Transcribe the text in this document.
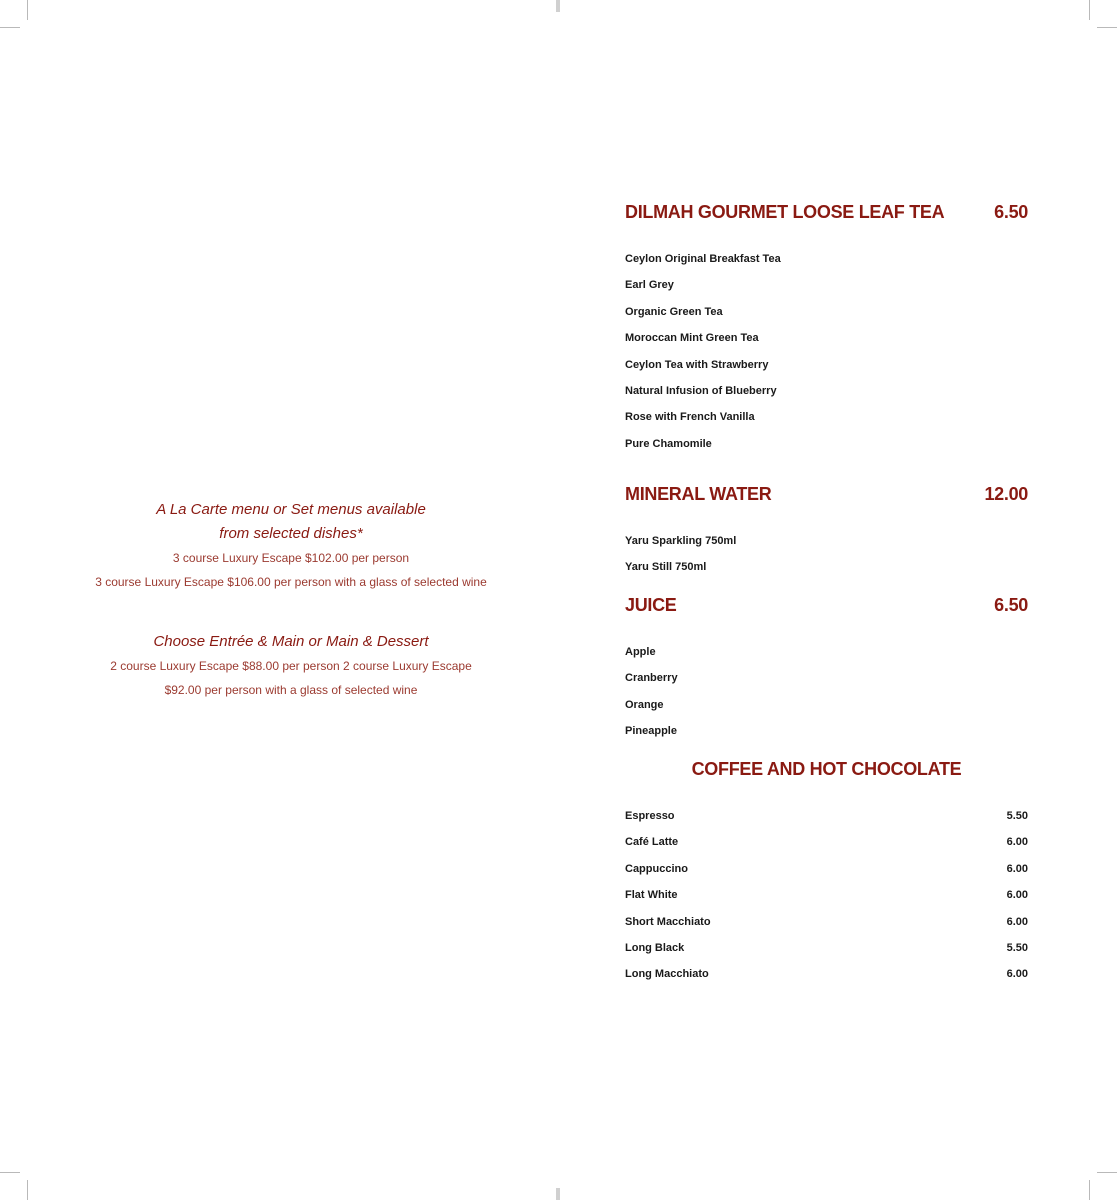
A La Carte menu or Set menus available
from selected dishes*
3 course Luxury Escape $102.00 per person
3 course Luxury Escape $106.00 per person with a glass of selected wine
Choose Entrée & Main or Main & Dessert
2 course Luxury Escape $88.00 per person 2 course Luxury Escape
$92.00 per person with a glass of selected wine
DILMAH GOURMET LOOSE LEAF TEA	6.50
Ceylon Original Breakfast Tea
Earl Grey
Organic Green Tea
Moroccan Mint Green Tea
Ceylon Tea with Strawberry
Natural Infusion of Blueberry
Rose with French Vanilla
Pure Chamomile
MINERAL WATER	12.00
Yaru Sparkling 750ml
Yaru Still 750ml
JUICE	6.50
Apple
Cranberry
Orange
Pineapple
COFFEE AND HOT CHOCOLATE
Espresso	5.50
Café Latte	6.00
Cappuccino	6.00
Flat White	6.00
Short Macchiato	6.00
Long Black	5.50
Long Macchiato	6.00
